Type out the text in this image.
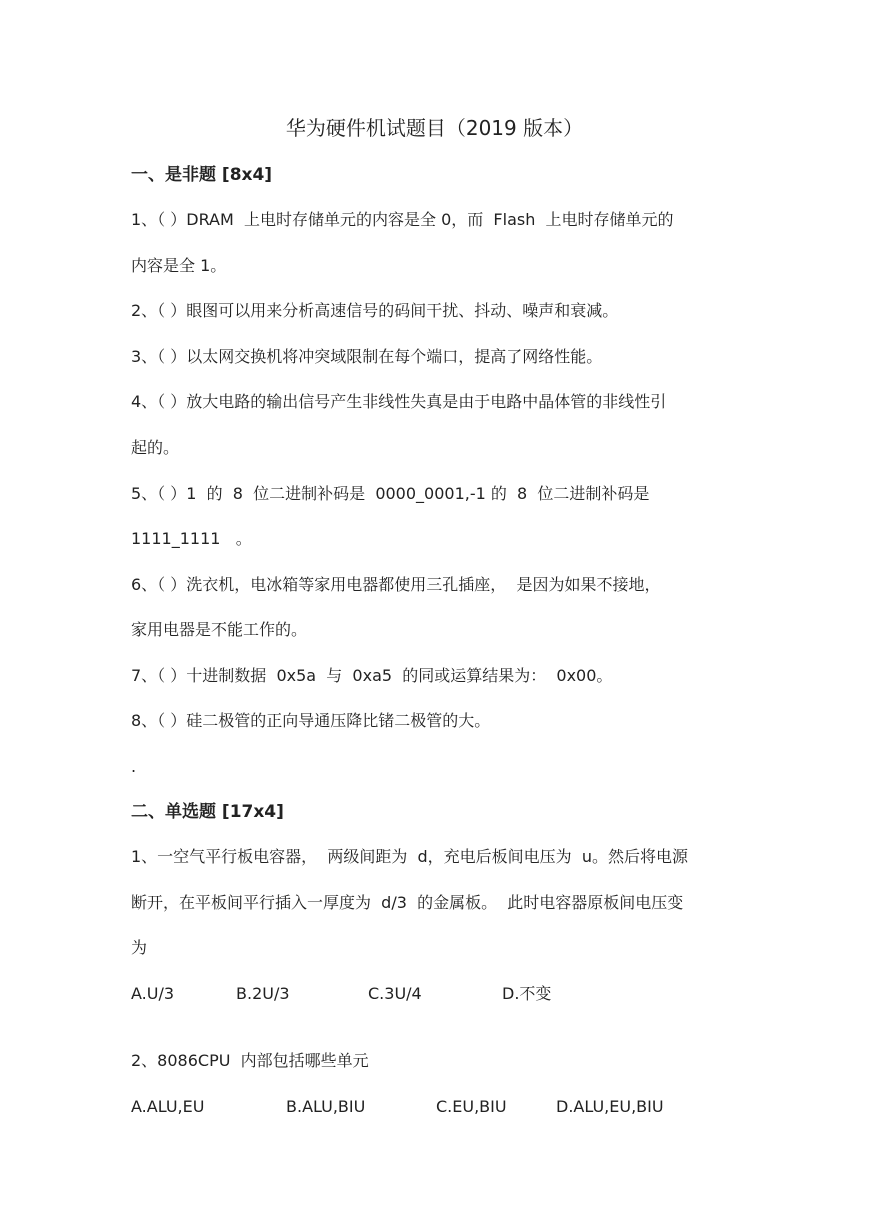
华为硬件机试题目（2019 版本）
一、是非题 [8x4]
1、（ ）DRAM  上电时存储单元的内容是全 0，而  Flash  上电时存储单元的
内容是全 1。
2、（ ）眼图可以用来分析高速信号的码间干扰、抖动、噪声和衰减。
3、（ ）以太网交换机将冲突域限制在每个端口，提高了网络性能。
4、（ ）放大电路的输出信号产生非线性失真是由于电路中晶体管的非线性引
起的。
5、（ ）1  的  8  位二进制补码是  0000_0001,-1 的  8  位二进制补码是
1111_1111   。
6、（ ）洗衣机，电冰箱等家用电器都使用三孔插座，  是因为如果不接地，
家用电器是不能工作的。
7、（ ）十进制数据  0x5a  与  0xa5  的同或运算结果为：  0x00。
8、（ ）硅二极管的正向导通压降比锗二极管的大。
.
二、单选题 [17x4]
1、一空气平行板电容器，  两级间距为  d，充电后板间电压为  u。然后将电源
断开，在平板间平行插入一厚度为  d/3  的金属板。  此时电容器原板间电压变
为
A.U/3	B.2U/3	C.3U/4	D.不变
2、8086CPU  内部包括哪些单元
A.ALU,EU	B.ALU,BIU	C.EU,BIU	D.ALU,EU,BIU
